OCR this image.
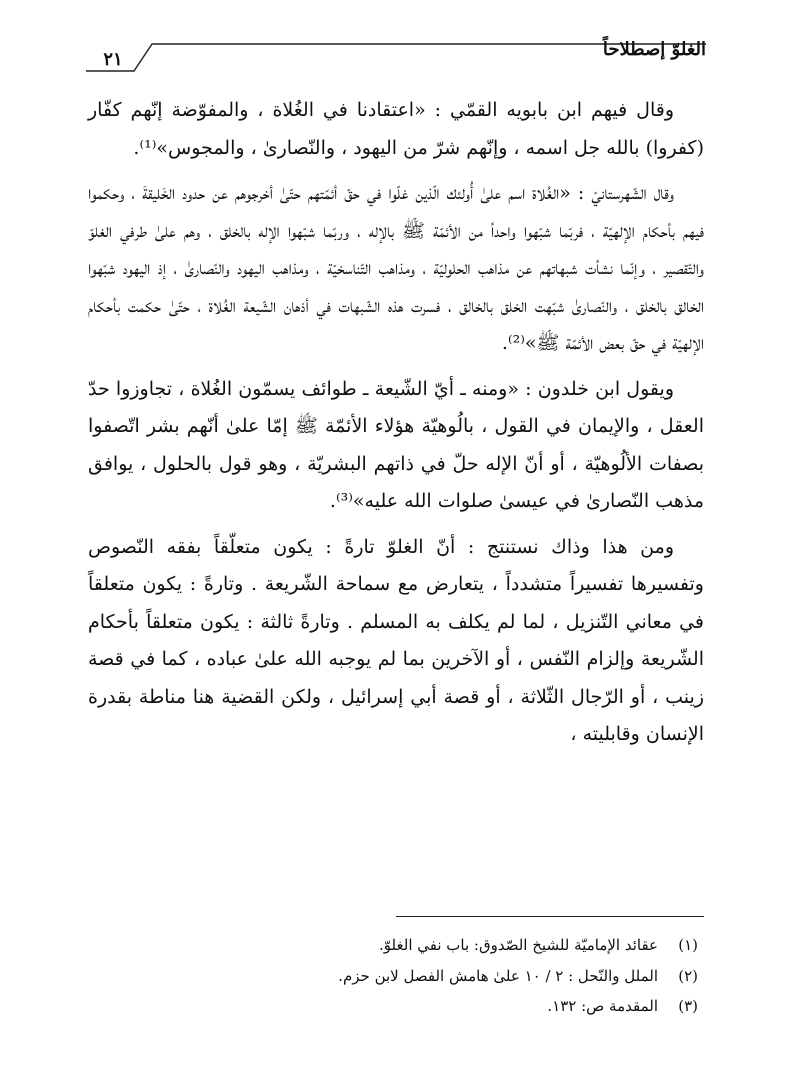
الغلوّ إصطلاحاً
٢١

وقال فيهم ابن بابويه القمّي : «اعتقادنا في الغُلاة ، والمفوّضة إنّهم كفّار (كفروا) بالله جل اسمه ، وإنّهم شرّ من اليهود ، والنّصارىٰ ، والمجوس»⁽¹⁾.

وقال الشّهرستانيّ : «الغُلاة اسم علىٰ أُولئك الّذين غلّوا في حقّ أئمّتهم حتّىٰ أخرجوهم عن حدود الخَليقةَ ، وحكموا فيهم بأحكام الإلهيّة ، فربّما شبّهوا واحداً من الأئمّة ﷺ بالإله ، وربّما شبّهوا الإله بالخلق ، وهم علىٰ طرفي الغلوّ والتّقصير ، وإنّما نشأت شبهاتهم عن مذاهب الحلوليّة ، ومذاهب التّناسخيّة ، ومذاهب اليهود والنّصارىٰ ، إذ اليهود شبّهوا الخالق بالخلق ، والنّصارىٰ شبّهت الخلق بالخالق ، فسرت هذه الشّبهات في أذهان الشّيعة الغُلاة ، حتّىٰ حكمت بأحكام الإلهيّة في حقّ بعض الأئمّة ﷺ»⁽²⁾.

ويقول ابن خلدون : «ومنه ـ أيّ الشّيعة ـ طوائف يسمّون الغُلاة ، تجاوزوا حدّ العقل ، والإيمان في القول ، بالُوهيّة هؤلاء الأئمّة ﷺ إمّا علىٰ أنّهم بشر اتّصفوا بصفات الألُوهيّة ، أو أنّ الإله حلّ في ذاتهم البشريّة ، وهو قول بالحلول ، يوافق مذهب النّصارىٰ في عيسىٰ صلوات الله عليه»⁽³⁾.

ومن هذا وذاك نستنتج : أنّ الغلوّ تارةً : يكون متعلّقاً بفقه النّصوص وتفسيرها تفسيراً متشدداً ، يتعارض مع سماحة الشّريعة . وتارةً : يكون متعلقاً في معاني التّنزيل ، لما لم يكلف به المسلم . وتارةً ثالثة : يكون متعلقاً بأحكام الشّريعة وإلزام النّفس ، أو الآخرين بما لم يوجبه الله علىٰ عباده ، كما في قصة زينب ، أو الرّجال الثّلاثة ، أو قصة أبي إسرائيل ، ولكن القضية هنا مناطة بقدرة الإنسان وقابليته ،

(١)
عقائد الإماميّة للشيخ الصّدوق: باب نفي الغلوّ.
(٢)
الملل والنّحل : ٢ / ١٠ علىٰ هامش الفصل لابن حزم.
(٣)
المقدمة ص: ١٣٢.
